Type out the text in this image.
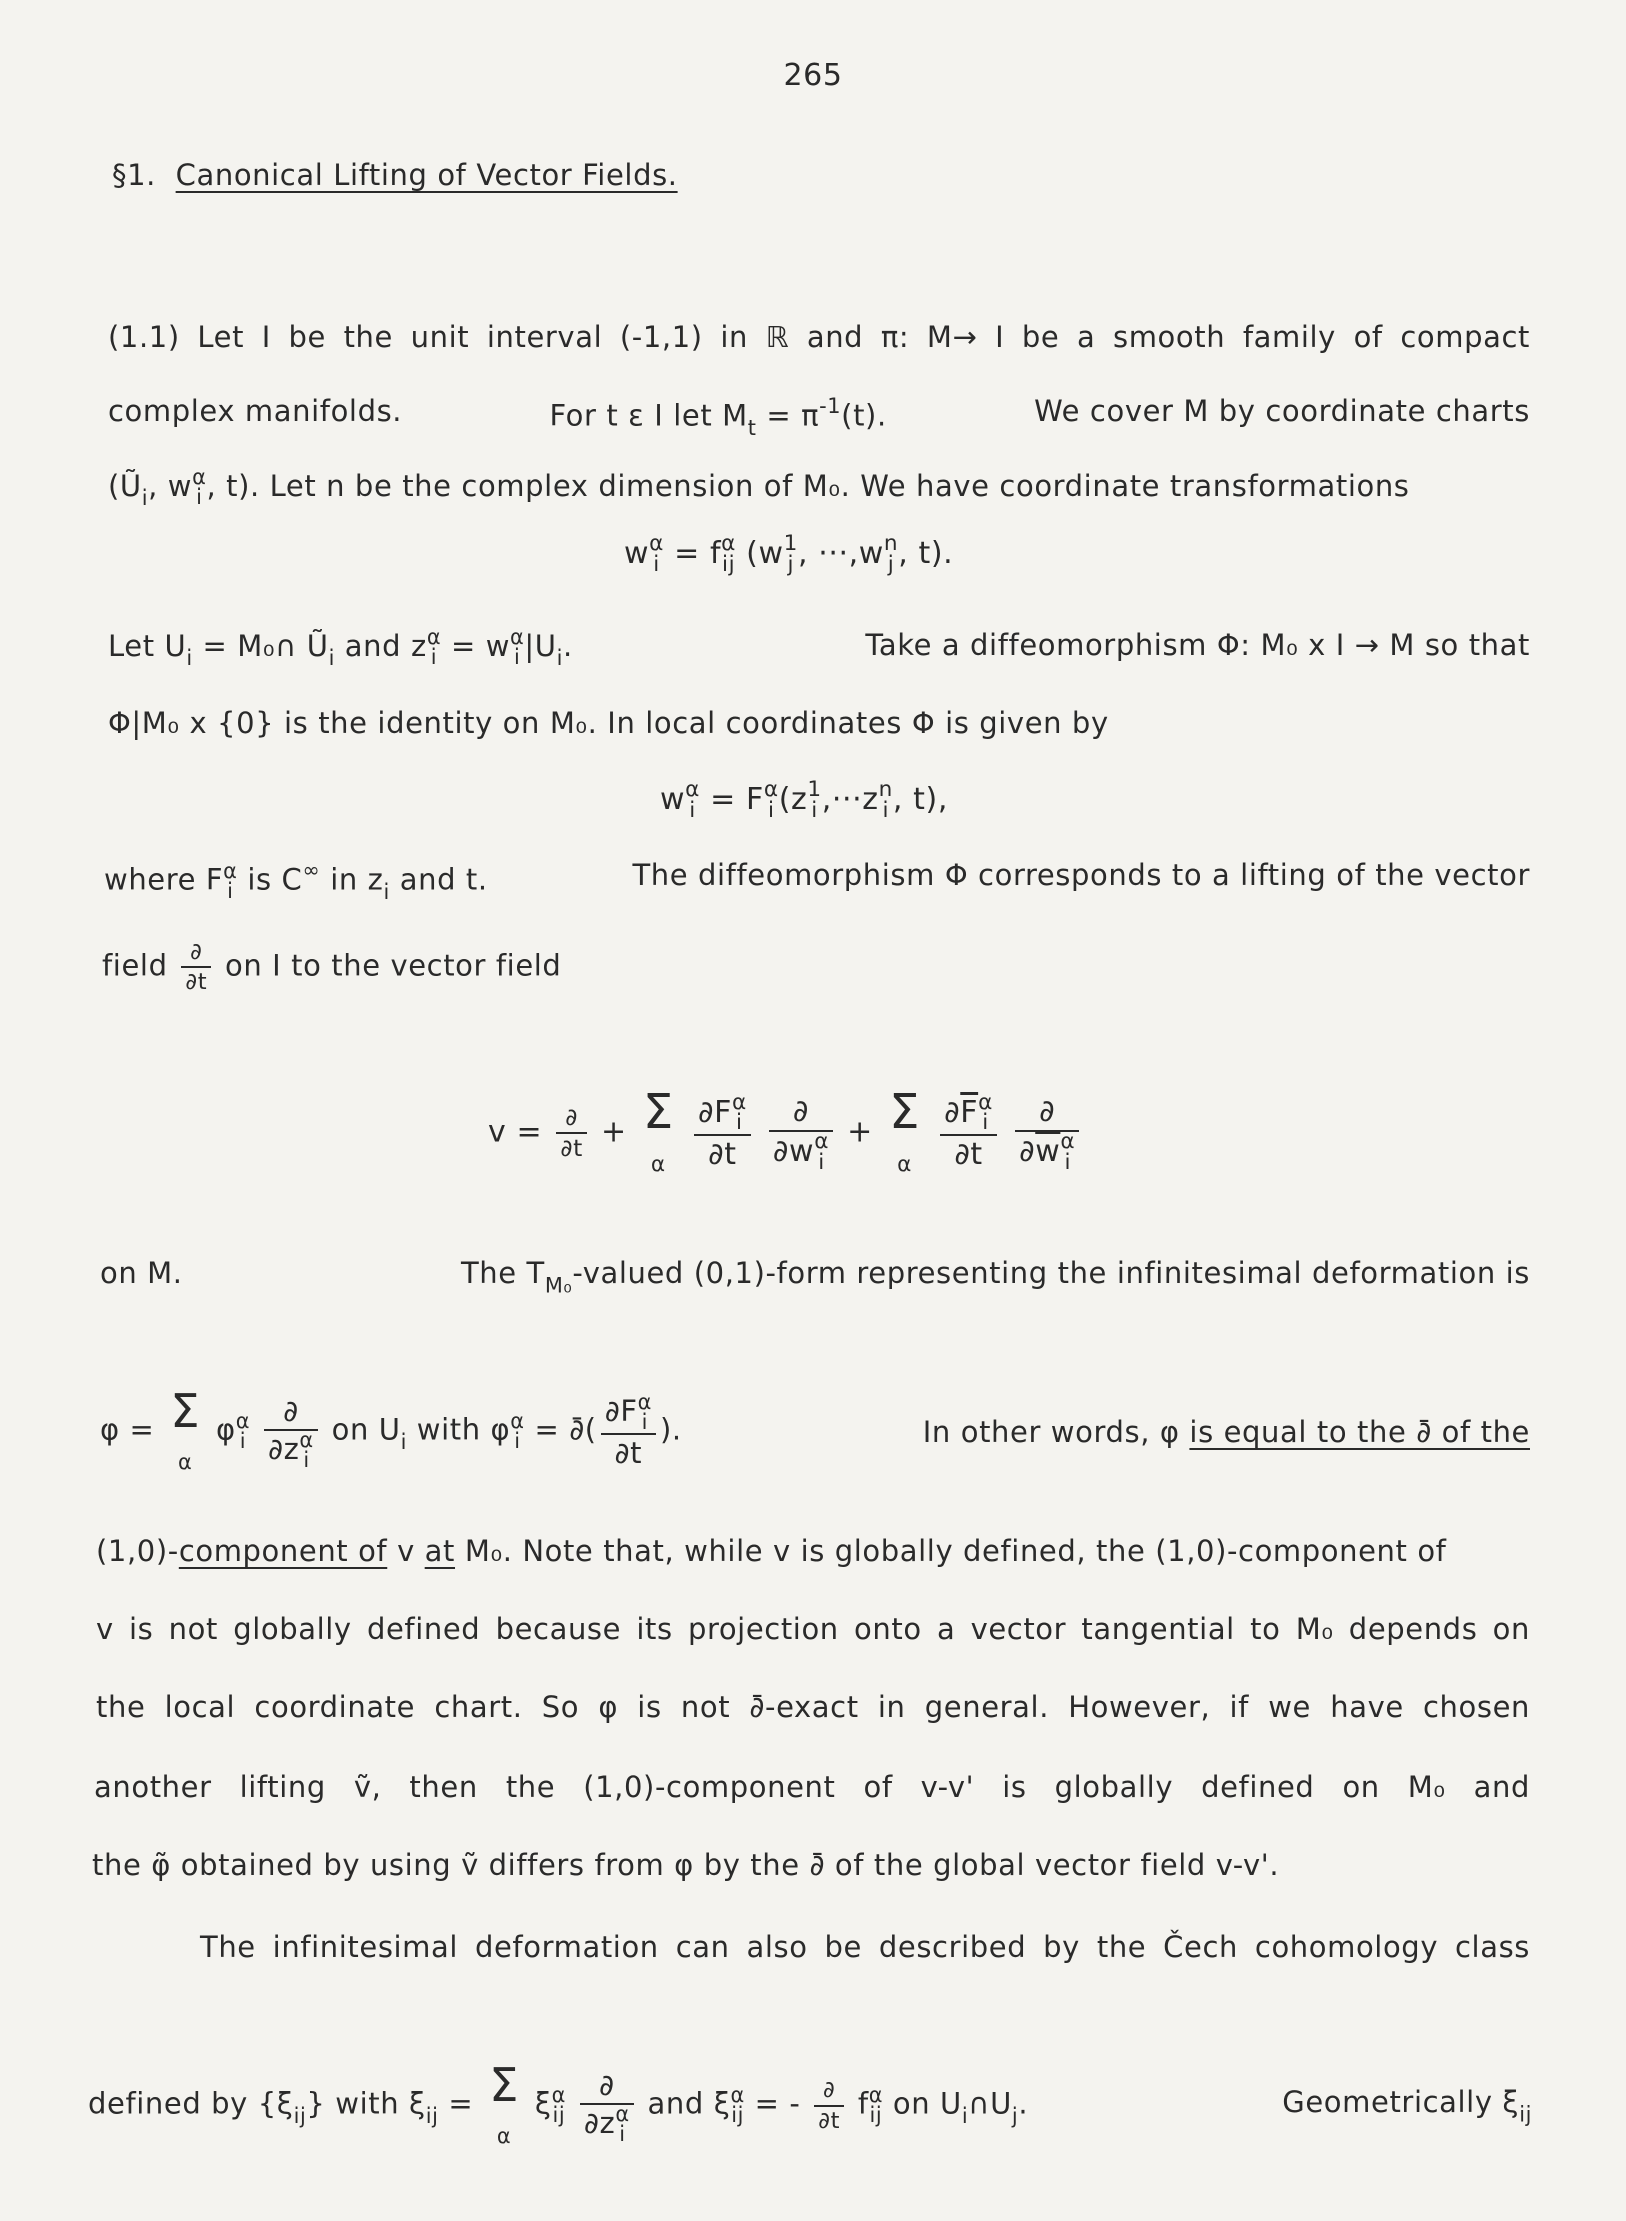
265
§1. Canonical Lifting of Vector Fields.
(1.1) Let I be the unit interval (-1,1) in ℝ and π: M→ I be a smooth family of compact
complex manifolds.	For t ε I let $M_t = \pi^{-1}(t)$.	We cover M by coordinate charts
($Ũ_i$, w α
i , t). Let n be the complex dimension of M₀. We have coordinate transformations
w α
i = f α
ij (w 1
j , ···,w n
j , t).
Let $U_i$ = M₀∩ $Ũ_i$ and z α
i = w α
i $|U_i$.	Take a diffeomorphism Φ: M₀ x I → M so that
Φ|M₀ x {0} is the identity on M₀. In local coordinates Φ is given by
w α
i = F α
i (z 1
i ,···z n
i , t),
where F α
i is C∞ in $z_i$ and t.	The diffeomorphism Φ corresponds to a lifting of the vector
field $\frac{\partial}{\partial t}$ on I to the vector field
$v = \frac{\partial}{\partial t} + \Sigma$
α
∂F α
i
∂t
∂
∂w α
i + Σ
α
∂F α
i
∂t
∂
∂w α
i
on M.	The $T_{M_0}$-valued (0,1)-form representing the infinitesimal deformation is
φ = Σ
α
φ α
i
∂
∂z α
i on $U_i$ with φ α
i = ∂̄( ∂F α
i
∂t ).	In other words, φ is equal to the ∂̄ of the
(1,0)-component of v at M₀. Note that, while v is globally defined, the (1,0)-component of
v is not globally defined because its projection onto a vector tangential to M₀ depends on
the local coordinate chart. So φ is not ∂̄-exact in general. However, if we have chosen
another lifting ṽ, then the (1,0)-component of v-v' is globally defined on M₀ and
the φ̃ obtained by using ṽ differs from φ by the ∂̄ of the global vector field v-v'.
The infinitesimal deformation can also be described by the Čech cohomology class
defined by $\{\xi_{ij}\}$ with $\xi_{ij} = \Sigma$
α
ξ α
ij
∂
∂z α
i and ξ α
ij = - $\frac{\partial}{\partial t}$ f α
ij on $U_i\cap U_j$.	Geometrically $\xi_{ij}$
